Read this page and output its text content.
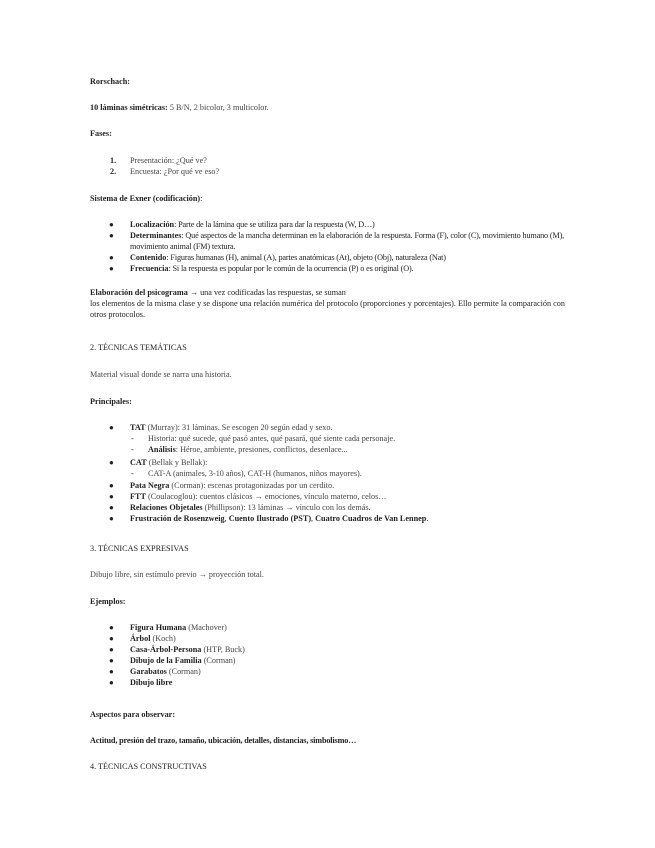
Rorschach:
10 láminas simétricas: 5 B/N, 2 bicolor, 3 multicolor.
Fases:
1. Presentación: ¿Qué ve?
2. Encuesta: ¿Por qué ve eso?
Sistema de Exner (codificación):
● Localización: Parte de la lámina que se utiliza para dar la respuesta (W, D…)
● Determinantes: Qué aspectos de la mancha determinan en la elaboración de la respuesta. Forma (F), color (C), movimiento humano (M), movimiento animal (FM) textura.
● Contenido: Figuras humanas (H), animal (A), partes anatómicas (At), objeto (Obj), naturaleza (Nat)
● Frecuencia: Si la respuesta es popular por le común de la ocurrencia (P) o es original (O).
Elaboración del psicograma → una vez codificadas las respuestas, se suman
los elementos de la misma clase y se dispone una relación numérica del protocolo (proporciones y porcentajes). Ello permite la comparación con otros protocolos.
2. TÉCNICAS TEMÁTICAS
Material visual donde se narra una historia.
Principales:
● TAT (Murray): 31 láminas. Se escogen 20 según edad y sexo.
- Historia: qué sucede, qué pasó antes, qué pasará, qué siente cada personaje.
- Análisis: Héroe, ambiente, presiones, conflictos, desenlace...
● CAT (Bellak y Bellak):
- CAT-A (animales, 3-10 años), CAT-H (humanos, niños mayores).
● Pata Negra (Corman): escenas protagonizadas por un cerdito.
● FTT (Coulacoglou): cuentos clásicos → emociones, vínculo materno, celos…
● Relaciones Objetales (Phillipson): 13 láminas → vínculo con los demás.
● Frustración de Rosenzweig, Cuento Ilustrado (PST), Cuatro Cuadros de Van Lennep.
3. TÉCNICAS EXPRESIVAS
Dibujo libre, sin estímulo previo → proyección total.
Ejemplos:
● Figura Humana (Machover)
● Árbol (Koch)
● Casa-Árbol-Persona (HTP, Buck)
● Dibujo de la Familia (Corman)
● Garabatos (Corman)
● Dibujo libre
Aspectos para observar:
Actitud, presión del trazo, tamaño, ubicación, detalles, distancias, simbolismo…
4. TÉCNICAS CONSTRUCTIVAS
